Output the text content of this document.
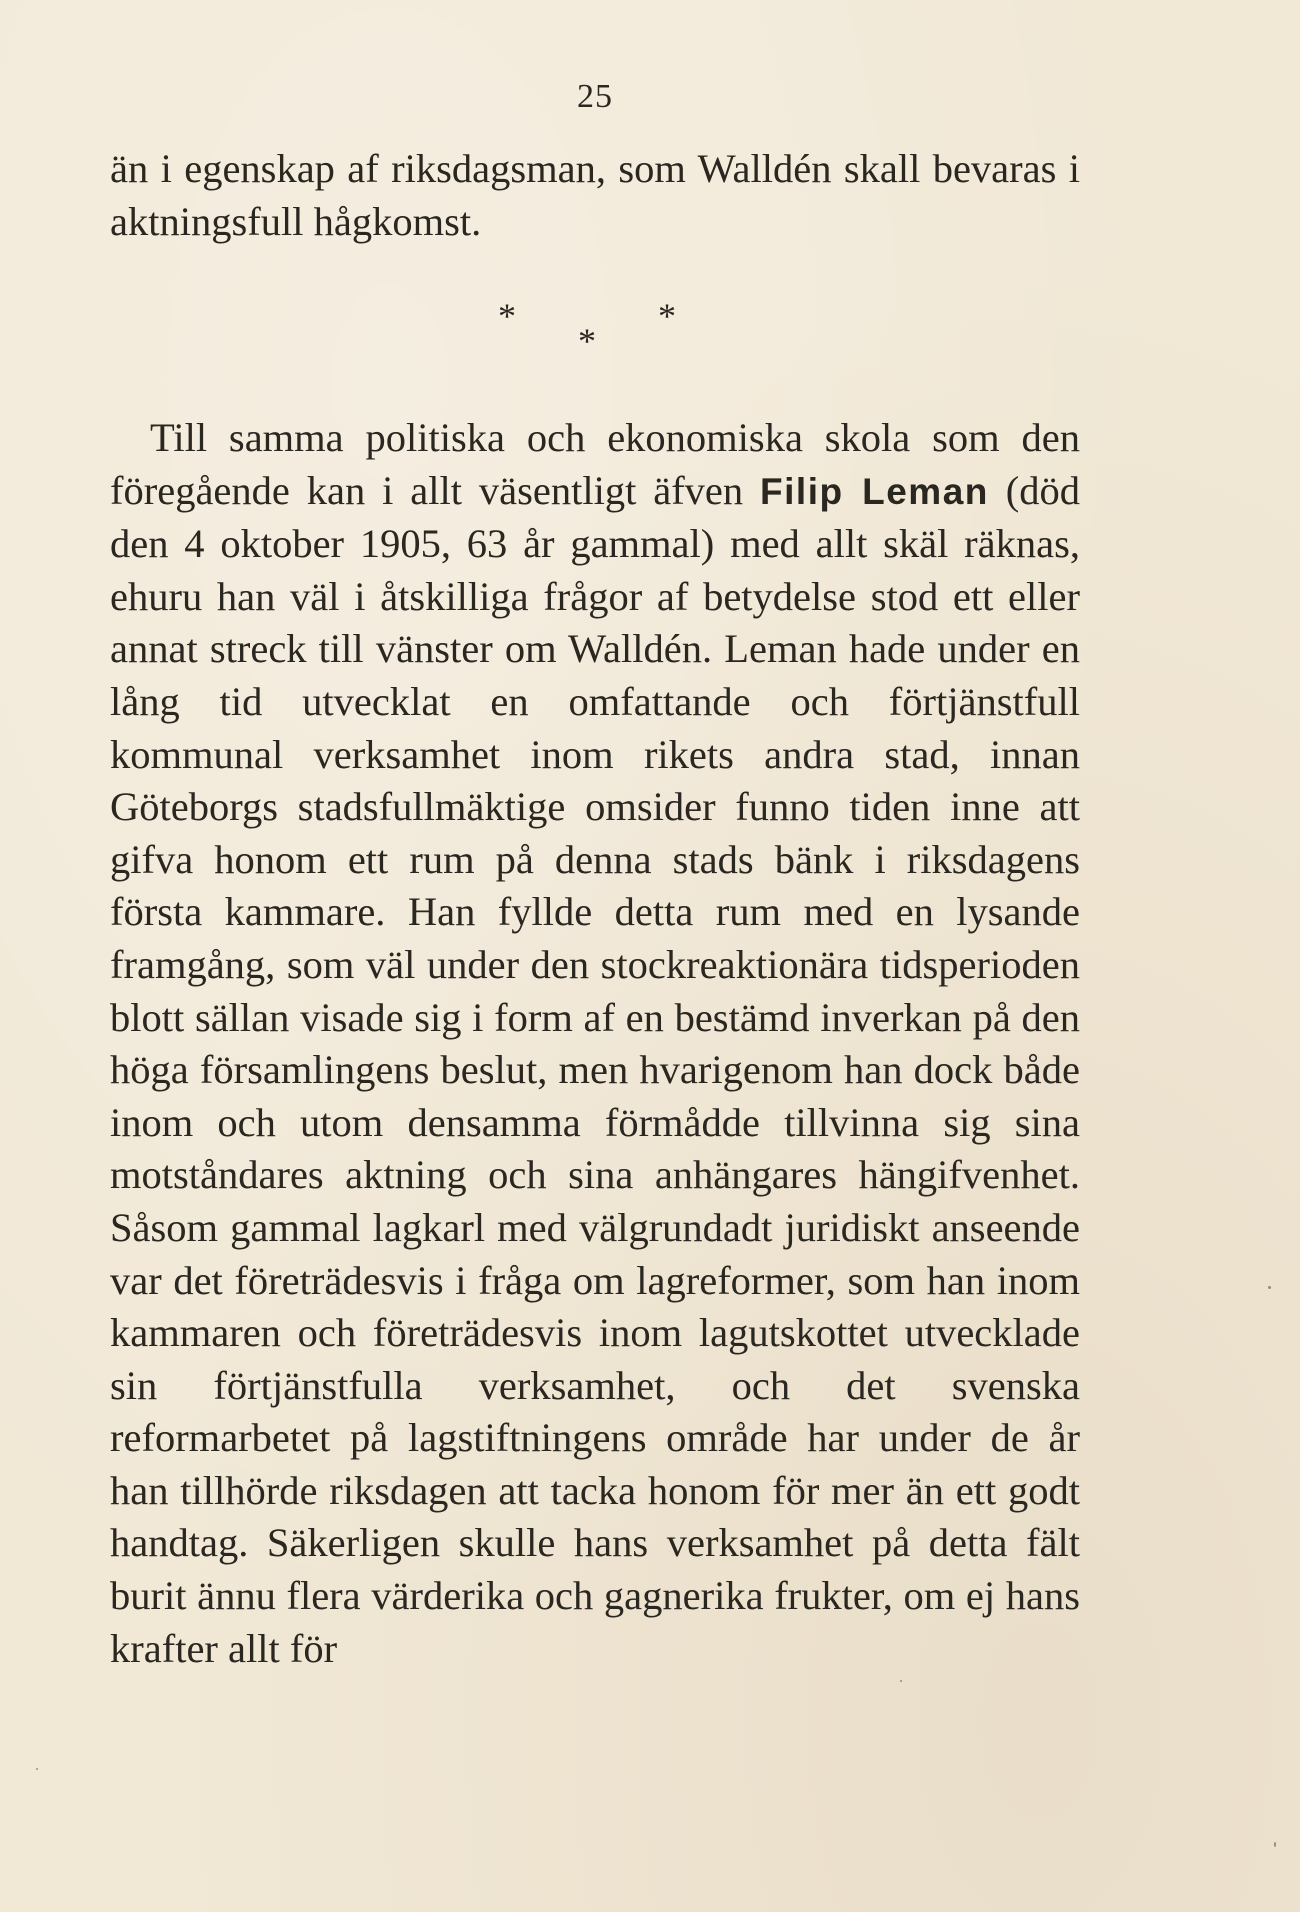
25

än i egenskap af riksdagsman, som Walldén skall bevaras i aktningsfull hågkomst.

*
*
*

Till samma politiska och ekonomiska skola som den föregående kan i allt väsentligt äfven Filip Leman (död den 4 oktober 1905, 63 år gammal) med allt skäl räknas, ehuru han väl i åtskilliga frågor af betydelse stod ett eller annat streck till vänster om Walldén. Leman hade under en lång tid utvecklat en omfattande och förtjänstfull kommunal verksamhet inom rikets andra stad, innan Göteborgs stadsfullmäktige omsider funno tiden inne att gifva honom ett rum på denna stads bänk i riksdagens första kammare. Han fyllde detta rum med en lysande framgång, som väl under den stockreaktionära tidsperioden blott sällan visade sig i form af en bestämd inverkan på den höga församlingens beslut, men hvarigenom han dock både inom och utom densamma förmådde tillvinna sig sina motståndares aktning och sina anhängares hängifvenhet. Såsom gammal lagkarl med välgrundadt juridiskt anseende var det företrädesvis i fråga om lagreformer, som han inom kammaren och företrädesvis inom lagutskottet utvecklade sin förtjänstfulla verksamhet, och det svenska reformarbetet på lagstiftningens område har under de år han tillhörde riksdagen att tacka honom för mer än ett godt handtag. Säkerligen skulle hans verksamhet på detta fält burit ännu flera värderika och gagnerika frukter, om ej hans krafter allt för
